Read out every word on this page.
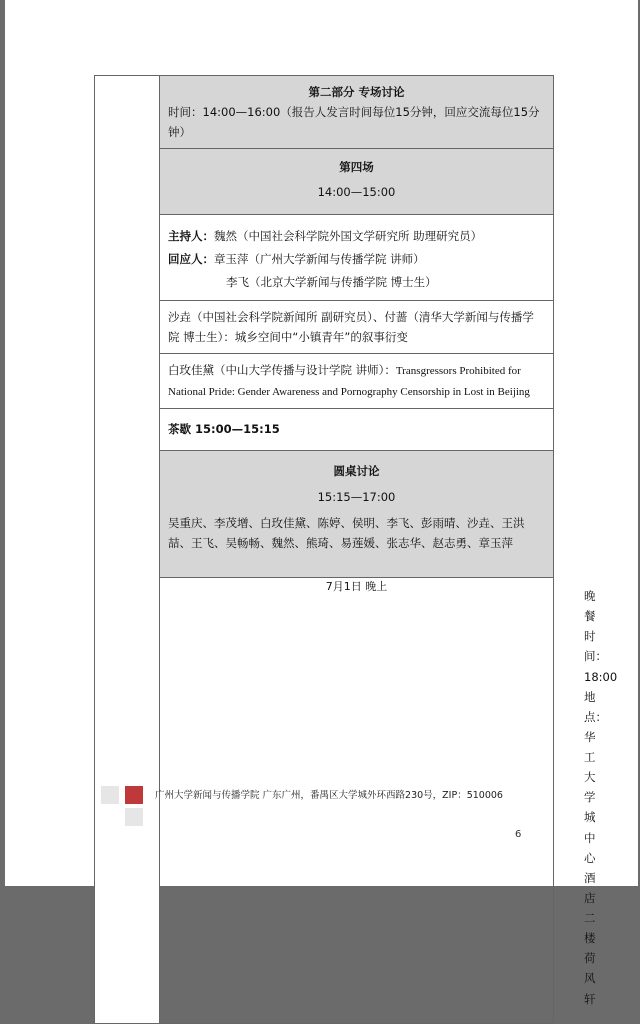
	第二部分 专场讨论
时间：14:00—16:00（报告人发言时间每位15分钟，回应交流每位15分钟）	

	第四场
14:00—15:00	

	主持人：魏然（中国社会科学院外国文学研究所 助理研究员）
回应人：章玉萍（广州大学新闻与传播学院 讲师）
李飞（北京大学新闻与传播学院 博士生）	

	沙垚（中国社会科学院新闻所 副研究员）、付蔷（清华大学新闻与传播学院 博士生）：城乡空间中“小镇青年”的叙事衍变	

	白玫佳黛（中山大学传播与设计学院 讲师）：Transgressors Prohibited for National Pride: Gender Awareness and Pornography Censorship in Lost in Beijing	

	茶歇 15:00—15:15	

	圆桌讨论
15:15—17:00
吴重庆、李茂增、白玫佳黛、陈婷、侯明、李飞、彭雨晴、沙垚、王洪喆、王飞、吴畅畅、魏然、熊琦、易莲媛、张志华、赵志勇、章玉萍	

	7月1日 晚上	晚餐时间：18:00 地点：华工大学城中心酒店二楼荷风轩
广州大学新闻与传播学院 广东广州，番禺区大学城外环西路230号，ZIP：510006
6
